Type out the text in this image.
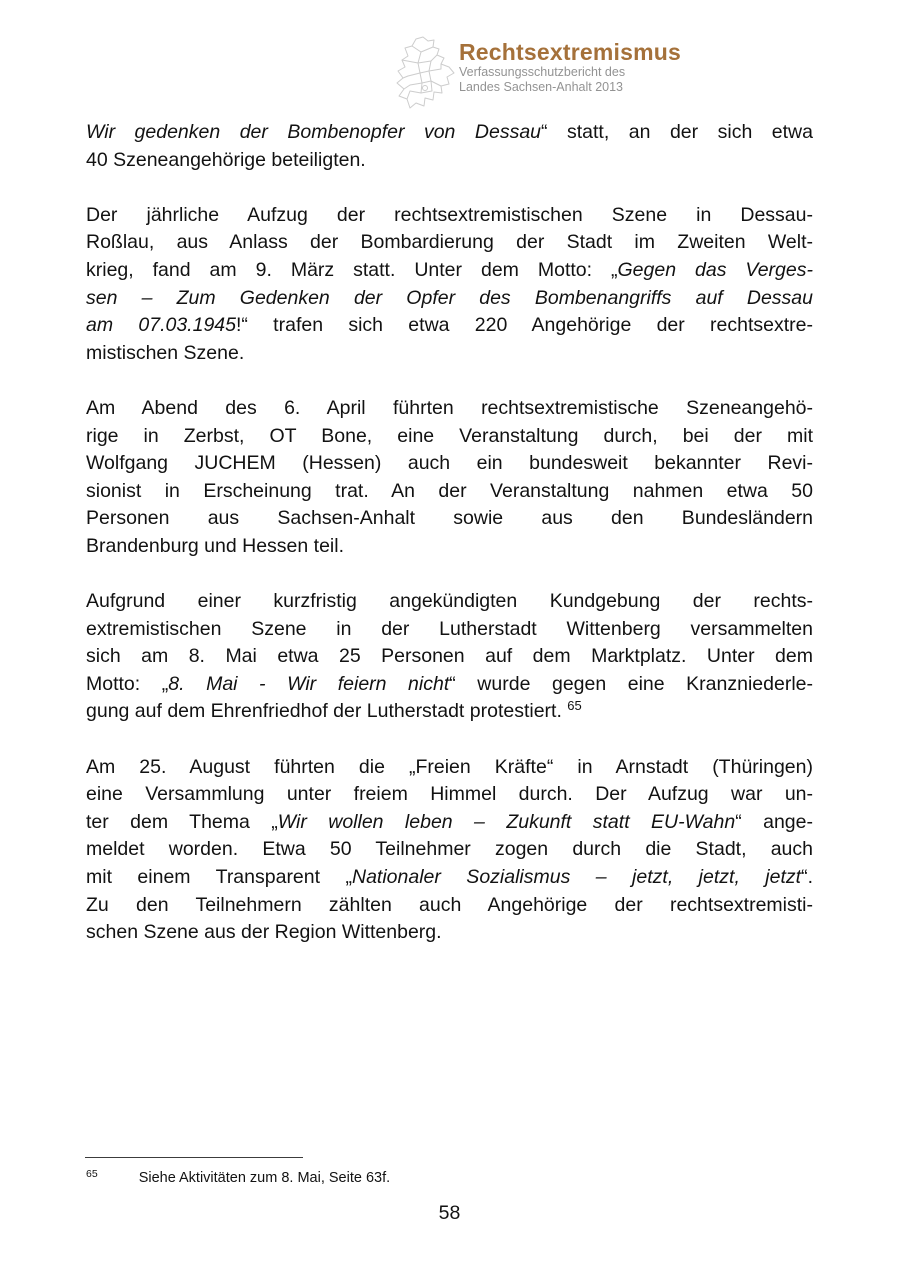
Rechtsextremismus
Verfassungsschutzbericht des
Landes Sachsen-Anhalt 2013
Wir gedenken der Bombenopfer von Dessau“ statt, an der sich etwa
40 Szeneangehörige beteiligten.
Der jährliche Aufzug der rechtsextremistischen Szene in Dessau-
Roßlau, aus Anlass der Bombardierung der Stadt im Zweiten Welt-
krieg, fand am 9. März statt. Unter dem Motto: „Gegen das Verges-
sen – Zum Gedenken der Opfer des Bombenangriffs auf Dessau
am 07.03.1945!“ trafen sich etwa 220 Angehörige der rechtsextre-
mistischen Szene.
Am Abend des 6. April führten rechtsextremistische Szeneangehö-
rige in Zerbst, OT Bone, eine Veranstaltung durch, bei der mit
Wolfgang JUCHEM (Hessen) auch ein bundesweit bekannter Revi-
sionist in Erscheinung trat. An der Veranstaltung nahmen etwa 50
Personen aus Sachsen-Anhalt sowie aus den Bundesländern
Brandenburg und Hessen teil.
Aufgrund einer kurzfristig angekündigten Kundgebung der rechts-
extremistischen Szene in der Lutherstadt Wittenberg versammelten
sich am 8. Mai etwa 25 Personen auf dem Marktplatz. Unter dem
Motto: „8. Mai - Wir feiern nicht“ wurde gegen eine Kranzniederle-
gung auf dem Ehrenfriedhof der Lutherstadt protestiert. $^{65}$
Am 25. August führten die „Freien Kräfte“ in Arnstadt (Thüringen)
eine Versammlung unter freiem Himmel durch. Der Aufzug war un-
ter dem Thema „Wir wollen leben – Zukunft statt EU-Wahn“ ange-
meldet worden. Etwa 50 Teilnehmer zogen durch die Stadt, auch
mit einem Transparent „Nationaler Sozialismus – jetzt, jetzt, jetzt“.
Zu den Teilnehmern zählten auch Angehörige der rechtsextremisti-
schen Szene aus der Region Wittenberg.
$^{65}$	Siehe Aktivitäten zum 8. Mai, Seite 63f.
58
